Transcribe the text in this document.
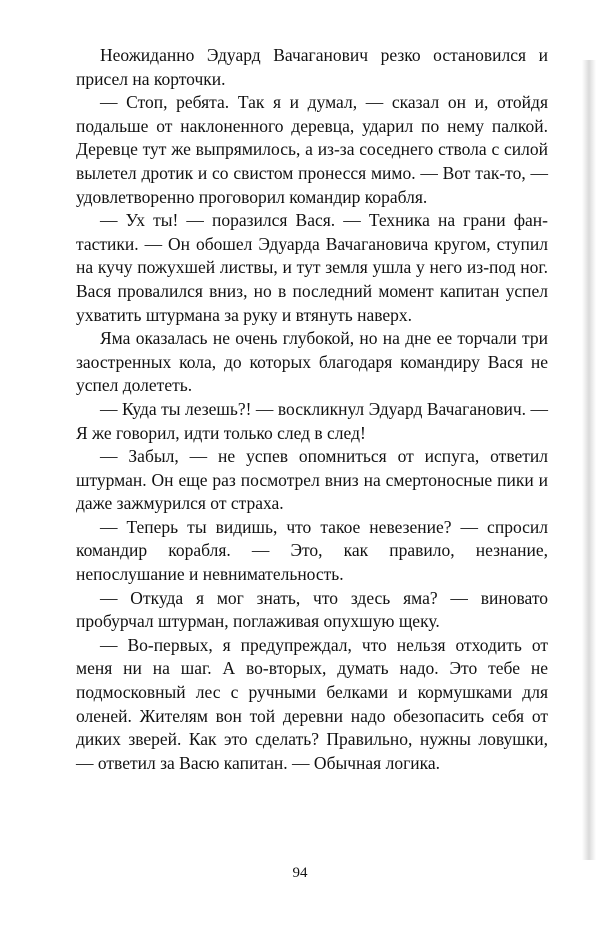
Неожиданно Эдуард Вачаганович резко остановился и присел на корточки.

— Стоп, ребята. Так я и думал, — сказал он и, отойдя подальше от наклоненного деревца, ударил по нему палкой. Деревце тут же выпрямилось, а из-за соседнего ствола с силой вылетел дротик и со свистом пронесся мимо. — Вот так-то, — удовлетворенно проговорил командир корабля.

— Ух ты! — поразился Вася. — Техника на грани фантастики. — Он обошел Эдуарда Вачагановича кругом, ступил на кучу пожухшей листвы, и тут земля ушла у него из-под ног. Вася провалился вниз, но в последний момент капитан успел ухватить штурмана за руку и втянуть наверх.

Яма оказалась не очень глубокой, но на дне ее торчали три заостренных кола, до которых благодаря командиру Вася не успел долететь.

— Куда ты лезешь?! — воскликнул Эдуард Вачаганович. — Я же говорил, идти только след в след!

— Забыл, — не успев опомниться от испуга, ответил штурман. Он еще раз посмотрел вниз на смертоносные пики и даже зажмурился от страха.

— Теперь ты видишь, что такое невезение? — спросил командир корабля. — Это, как правило, незнание, непослушание и невнимательность.

— Откуда я мог знать, что здесь яма? — виновато пробурчал штурман, поглаживая опухшую щеку.

— Во-первых, я предупреждал, что нельзя отходить от меня ни на шаг. А во-вторых, думать надо. Это тебе не подмосковный лес с ручными белками и кормушками для оленей. Жителям вон той деревни надо обезопасить себя от диких зверей. Как это сделать? Правильно, нужны ловушки, — ответил за Васю капитан. — Обычная логика.

94
